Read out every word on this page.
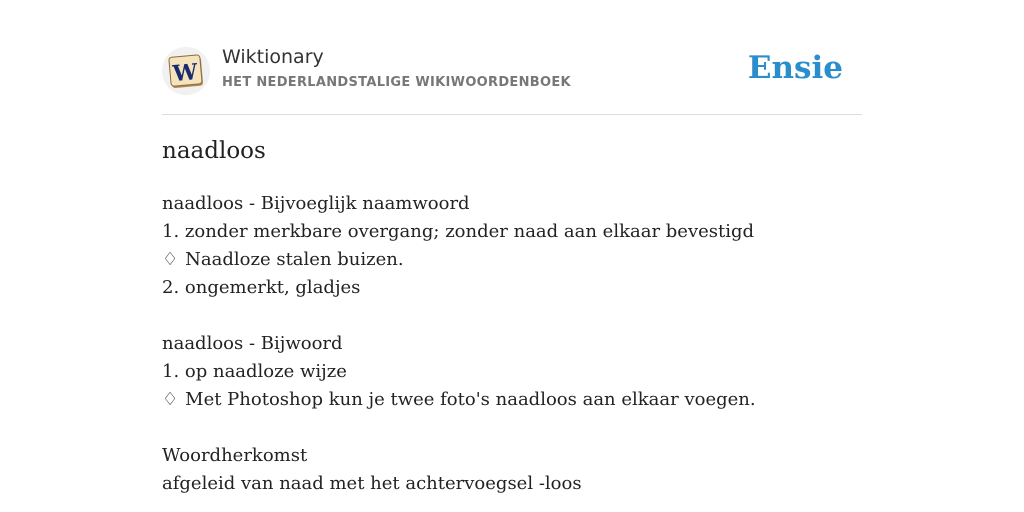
W
Wiktionary
HET NEDERLANDSTALIGE WIKIWOORDENBOEK	Ensie
naadloos
naadloos - Bijvoeglijk naamwoord
1. zonder merkbare overgang; zonder naad aan elkaar bevestigd
♢ Naadloze stalen buizen.
2. ongemerkt, gladjes
naadloos - Bijwoord
1. op naadloze wijze
♢ Met Photoshop kun je twee foto's naadloos aan elkaar voegen.
Woordherkomst
afgeleid van naad met het achtervoegsel -loos
